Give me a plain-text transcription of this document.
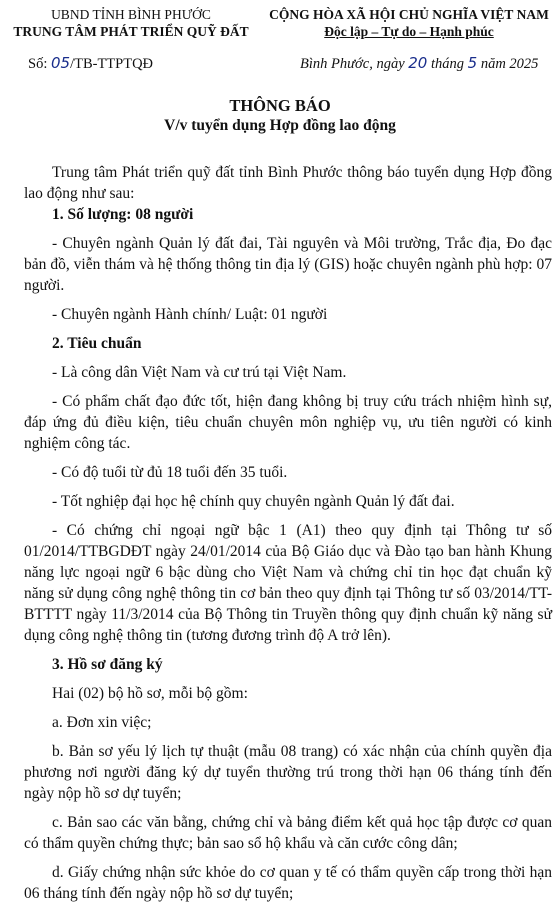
UBND TỈNH BÌNH PHƯỚC
TRUNG TÂM PHÁT TRIỂN QUỸ ĐẤT
CỘNG HÒA XÃ HỘI CHỦ NGHĨA VIỆT NAM
Độc lập – Tự do – Hạnh phúc
Số: 05/TB-TTPTQĐ	Bình Phước, ngày 20 tháng 5 năm 2025
THÔNG BÁO
V/v tuyển dụng Hợp đồng lao động

Trung tâm Phát triển quỹ đất tỉnh Bình Phước thông báo tuyển dụng Hợp đồng lao động như sau:

1. Số lượng: 08 người

- Chuyên ngành Quản lý đất đai, Tài nguyên và Môi trường, Trắc địa, Đo đạc bản đồ, viễn thám và hệ thống thông tin địa lý (GIS) hoặc chuyên ngành phù hợp: 07 người.

- Chuyên ngành Hành chính/ Luật: 01 người

2. Tiêu chuẩn

- Là công dân Việt Nam và cư trú tại Việt Nam.

- Có phẩm chất đạo đức tốt, hiện đang không bị truy cứu trách nhiệm hình sự, đáp ứng đủ điều kiện, tiêu chuẩn chuyên môn nghiệp vụ, ưu tiên người có kinh nghiệm công tác.

- Có độ tuổi từ đủ 18 tuổi đến 35 tuổi.

- Tốt nghiệp đại học hệ chính quy chuyên ngành Quản lý đất đai.

- Có chứng chỉ ngoại ngữ bậc 1 (A1) theo quy định tại Thông tư số 01/2014/TTBGDĐT ngày 24/01/2014 của Bộ Giáo dục và Đào tạo ban hành Khung năng lực ngoại ngữ 6 bậc dùng cho Việt Nam và chứng chỉ tin học đạt chuẩn kỹ năng sử dụng công nghệ thông tin cơ bản theo quy định tại Thông tư số 03/2014/TT-BTTTT ngày 11/3/2014 của Bộ Thông tin Truyền thông quy định chuẩn kỹ năng sử dụng công nghệ thông tin (tương đương trình độ A trở lên).

3. Hồ sơ đăng ký

Hai (02) bộ hồ sơ, mỗi bộ gồm:

a. Đơn xin việc;

b. Bản sơ yếu lý lịch tự thuật (mẫu 08 trang) có xác nhận của chính quyền địa phương nơi người đăng ký dự tuyển thường trú trong thời hạn 06 tháng tính đến ngày nộp hồ sơ dự tuyển;

c. Bản sao các văn bằng, chứng chỉ và bảng điểm kết quả học tập được cơ quan có thẩm quyền chứng thực; bản sao sổ hộ khẩu và căn cước công dân;

d. Giấy chứng nhận sức khỏe do cơ quan y tế có thẩm quyền cấp trong thời hạn 06 tháng tính đến ngày nộp hồ sơ dự tuyển;
